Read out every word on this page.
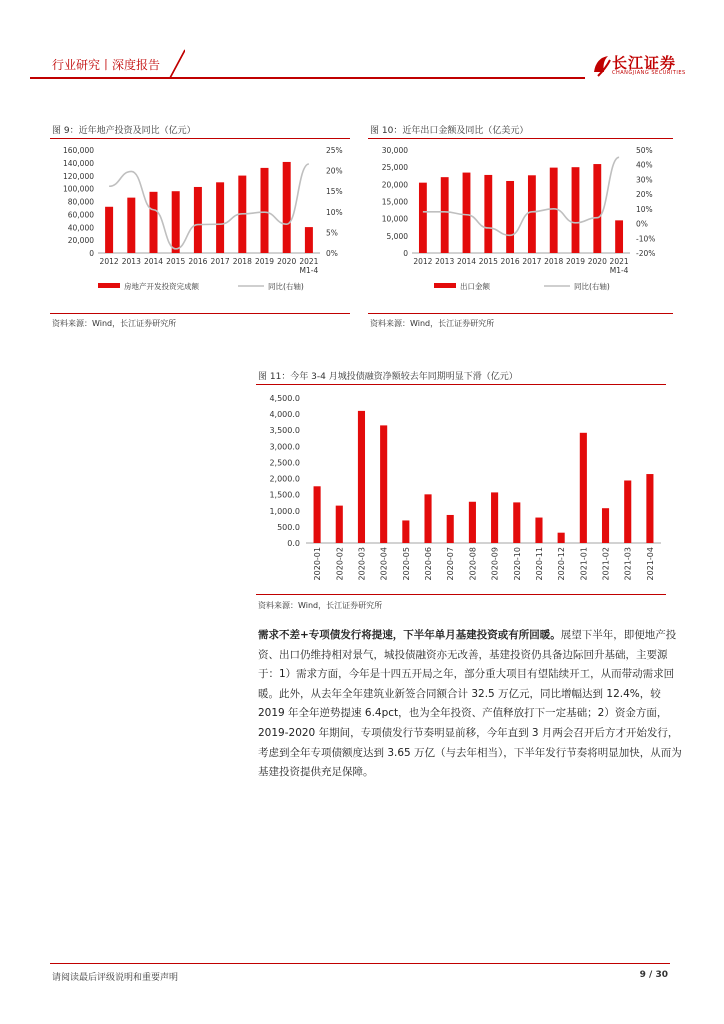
行业研究丨深度报告	长江证券
CHANGJIANG SECURITIES
图 9：近年地产投资及同比（亿元）
0
20,000
40,000
60,000
80,000
100,000
120,000
140,000
160,000
0%
5%
10%
15%
20%
25%
2012 2013 2014 2015 2016 2017 2018 2019 2020 2021
M1-4
房地产开发投资完成额	同比(右轴)
资料来源：Wind，长江证券研究所
图 10：近年出口金额及同比（亿美元）
0
5,000
10,000
15,000
20,000
25,000
30,000
-20%
-10%
0%
10%
20%
30%
40%
50%
2012 2013 2014 2015 2016 2017 2018 2019 2020 2021
M1-4
出口金额	同比(右轴)
资料来源：Wind，长江证券研究所
图 11：今年 3-4 月城投债融资净额较去年同期明显下滑（亿元）
0.0
500.0
1,000.0
1,500.0
2,000.0
2,500.0
3,000.0
3,500.0
4,000.0
4,500.0
2020-01 2020-02 2020-03 2020-04 2020-05 2020-06 2020-07 2020-08 2020-09 2020-10 2020-11 2020-12 2021-01 2021-02 2021-03 2021-04
资料来源：Wind，长江证券研究所
需求不差+专项债发行将提速，下半年单月基建投资或有所回暖。展望下半年，即便地产投资、出口仍维持相对景气，城投债融资亦无改善，基建投资仍具备边际回升基础，主要源于：1）需求方面，今年是十四五开局之年，部分重大项目有望陆续开工，从而带动需求回暖。此外，从去年全年建筑业新签合同额合计 32.5 万亿元，同比增幅达到 12.4%，较 2019 年全年逆势提速 6.4pct，也为全年投资、产值释放打下一定基础；2）资金方面，2019-2020 年期间，专项债发行节奏明显前移，今年直到 3 月两会召开后方才开始发行，考虑到全年专项债额度达到 3.65 万亿（与去年相当），下半年发行节奏将明显加快，从而为基建投资提供充足保障。
请阅读最后评级说明和重要声明	9 / 30
